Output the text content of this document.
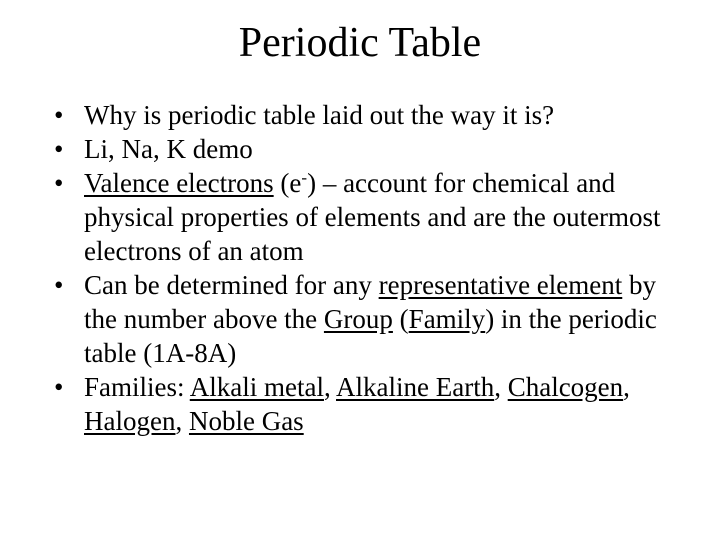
Periodic Table
• Why is periodic table laid out the way it is?
• Li, Na, K demo
• Valence electrons (e-) – account for chemical and physical properties of elements and are the outermost electrons of an atom
• Can be determined for any representative element by the number above the Group (Family) in the periodic table (1A-8A)
• Families: Alkali metal, Alkaline Earth, Chalcogen, Halogen, Noble Gas
